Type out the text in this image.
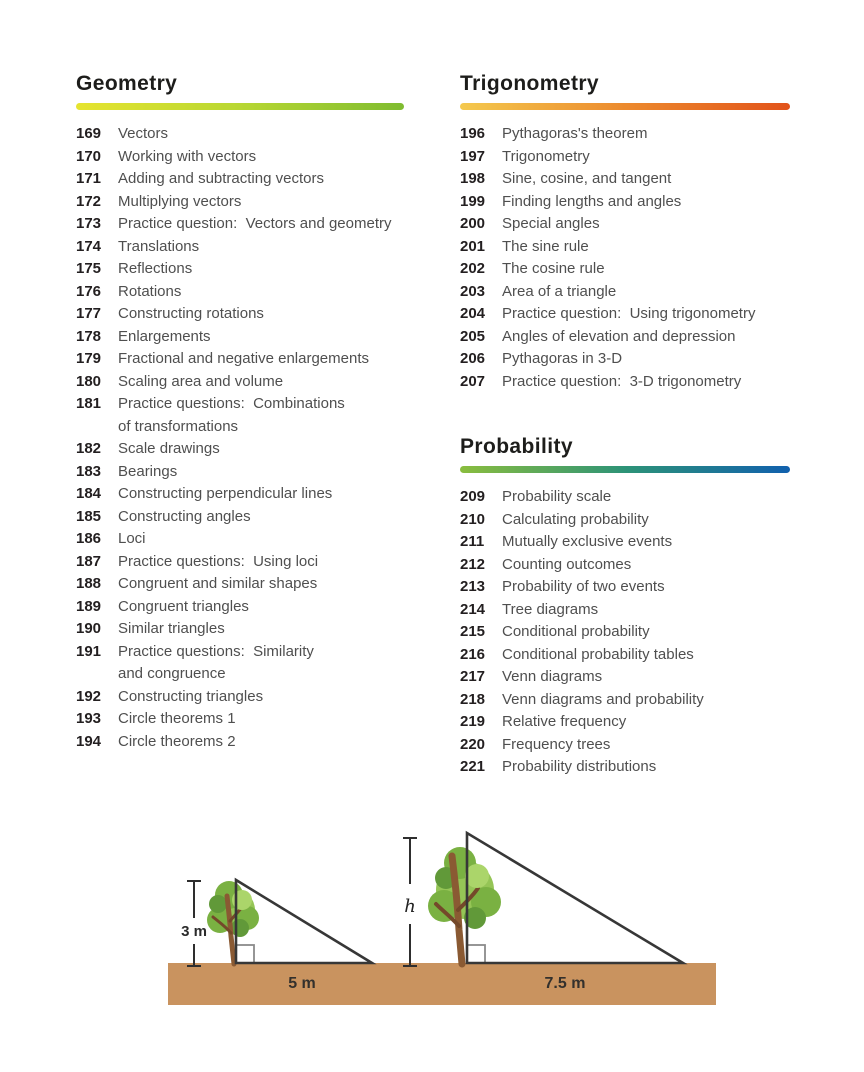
Geometry
169	Vectors
170	Working with vectors
171	Adding and subtracting vectors
172	Multiplying vectors
173	Practice question:  Vectors and geometry
174	Translations
175	Reflections
176	Rotations
177	Constructing rotations
178	Enlargements
179	Fractional and negative enlargements
180	Scaling area and volume
181	Practice questions:  Combinations
of transformations
182	Scale drawings
183	Bearings
184	Constructing perpendicular lines
185	Constructing angles
186	Loci
187	Practice questions:  Using loci
188	Congruent and similar shapes
189	Congruent triangles
190	Similar triangles
191	Practice questions:  Similarity
and congruence
192	Constructing triangles
193	Circle theorems 1
194	Circle theorems 2
Trigonometry
196	Pythagoras's theorem
197	Trigonometry
198	Sine, cosine, and tangent
199	Finding lengths and angles
200	Special angles
201	The sine rule
202	The cosine rule
203	Area of a triangle
204	Practice question:  Using trigonometry
205	Angles of elevation and depression
206	Pythagoras in 3-D
207	Practice question:  3-D trigonometry
Probability
209	Probability scale
210	Calculating probability
211	Mutually exclusive events
212	Counting outcomes
213	Probability of two events
214	Tree diagrams
215	Conditional probability
216	Conditional probability tables
217	Venn diagrams
218	Venn diagrams and probability
219	Relative frequency
220	Frequency trees
221	Probability distributions
3 m
h
5 m	7.5 m
